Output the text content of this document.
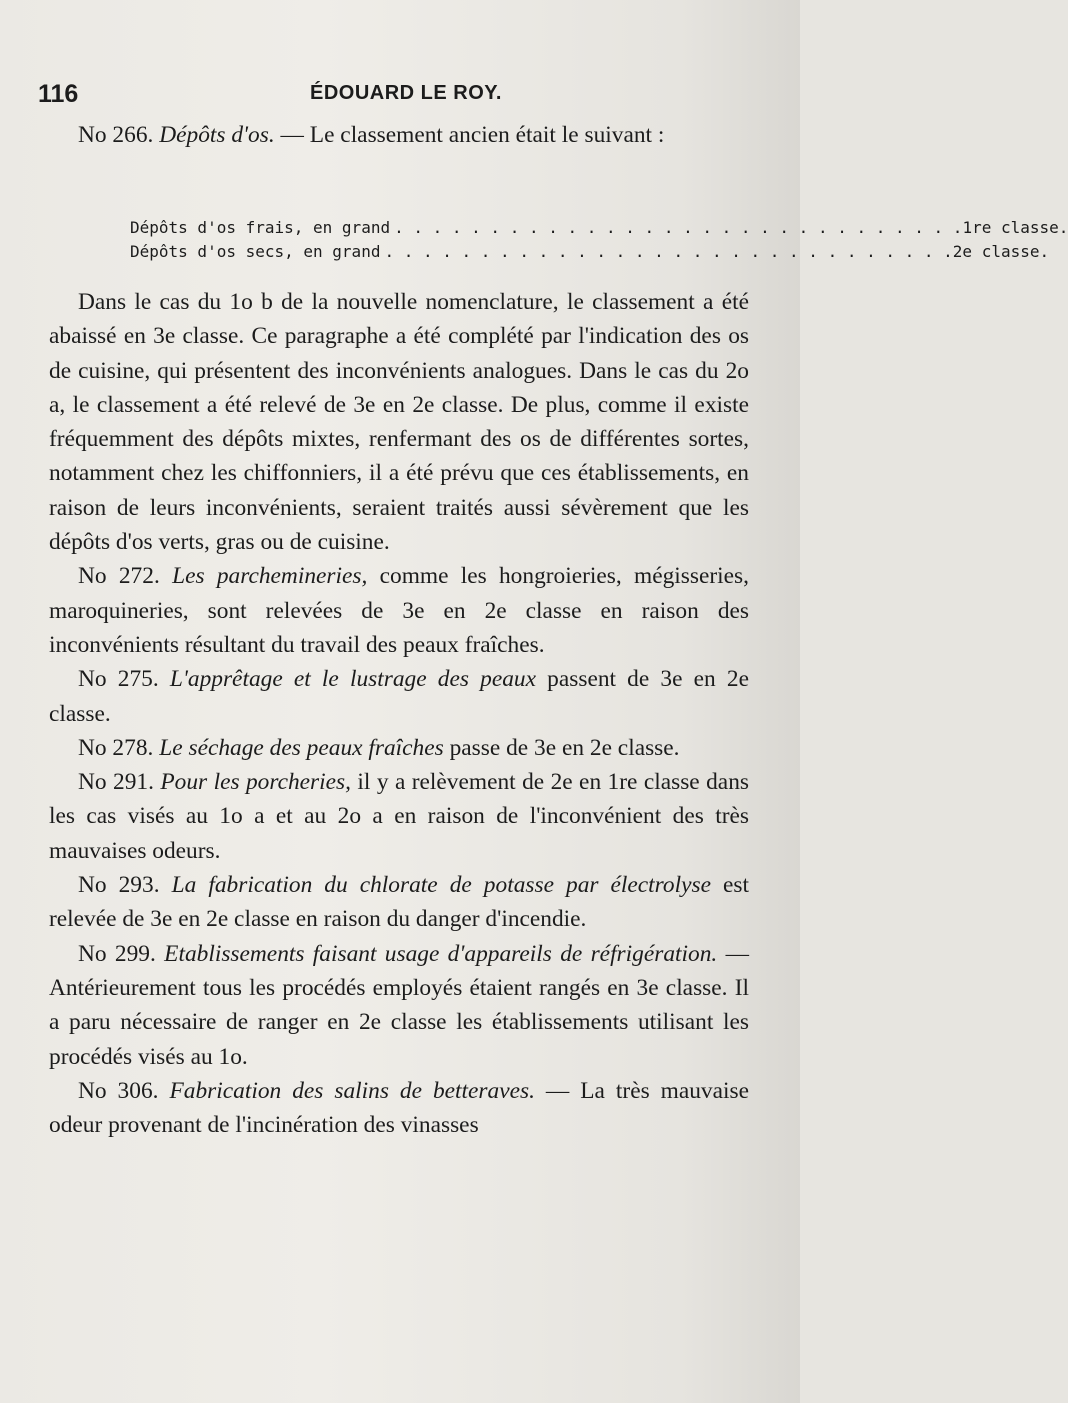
116	ÉDOUARD LE ROY.

No 266. Dépôts d'os. — Le classement ancien était le suivant :

Dépôts d'os frais, en grand . . . . . . . . . . . . . . . . . . . . . . . . . . . . . . 1re classe.
Dépôts d'os secs, en grand . . . . . . . . . . . . . . . . . . . . . . . . . . . . . . 2e classe.

Dans le cas du 1o b de la nouvelle nomenclature, le classement a été abaissé en 3e classe. Ce paragraphe a été complété par l'indication des os de cuisine, qui présentent des inconvénients analogues. Dans le cas du 2o a, le classement a été relevé de 3e en 2e classe. De plus, comme il existe fréquemment des dépôts mixtes, renfermant des os de différentes sortes, notamment chez les chiffonniers, il a été prévu que ces établissements, en raison de leurs inconvénients, seraient traités aussi sévèrement que les dépôts d'os verts, gras ou de cuisine.

No 272. Les parchemineries, comme les hongroieries, mégisseries, maroquineries, sont relevées de 3e en 2e classe en raison des inconvénients résultant du travail des peaux fraîches.

No 275. L'apprêtage et le lustrage des peaux passent de 3e en 2e classe.

No 278. Le séchage des peaux fraîches passe de 3e en 2e classe.

No 291. Pour les porcheries, il y a relèvement de 2e en 1re classe dans les cas visés au 1o a et au 2o a en raison de l'inconvénient des très mauvaises odeurs.

No 293. La fabrication du chlorate de potasse par électrolyse est relevée de 3e en 2e classe en raison du danger d'incendie.

No 299. Etablissements faisant usage d'appareils de réfrigération. — Antérieurement tous les procédés employés étaient rangés en 3e classe. Il a paru nécessaire de ranger en 2e classe les établissements utilisant les procédés visés au 1o.

No 306. Fabrication des salins de betteraves. — La très mauvaise odeur provenant de l'incinération des vinasses
